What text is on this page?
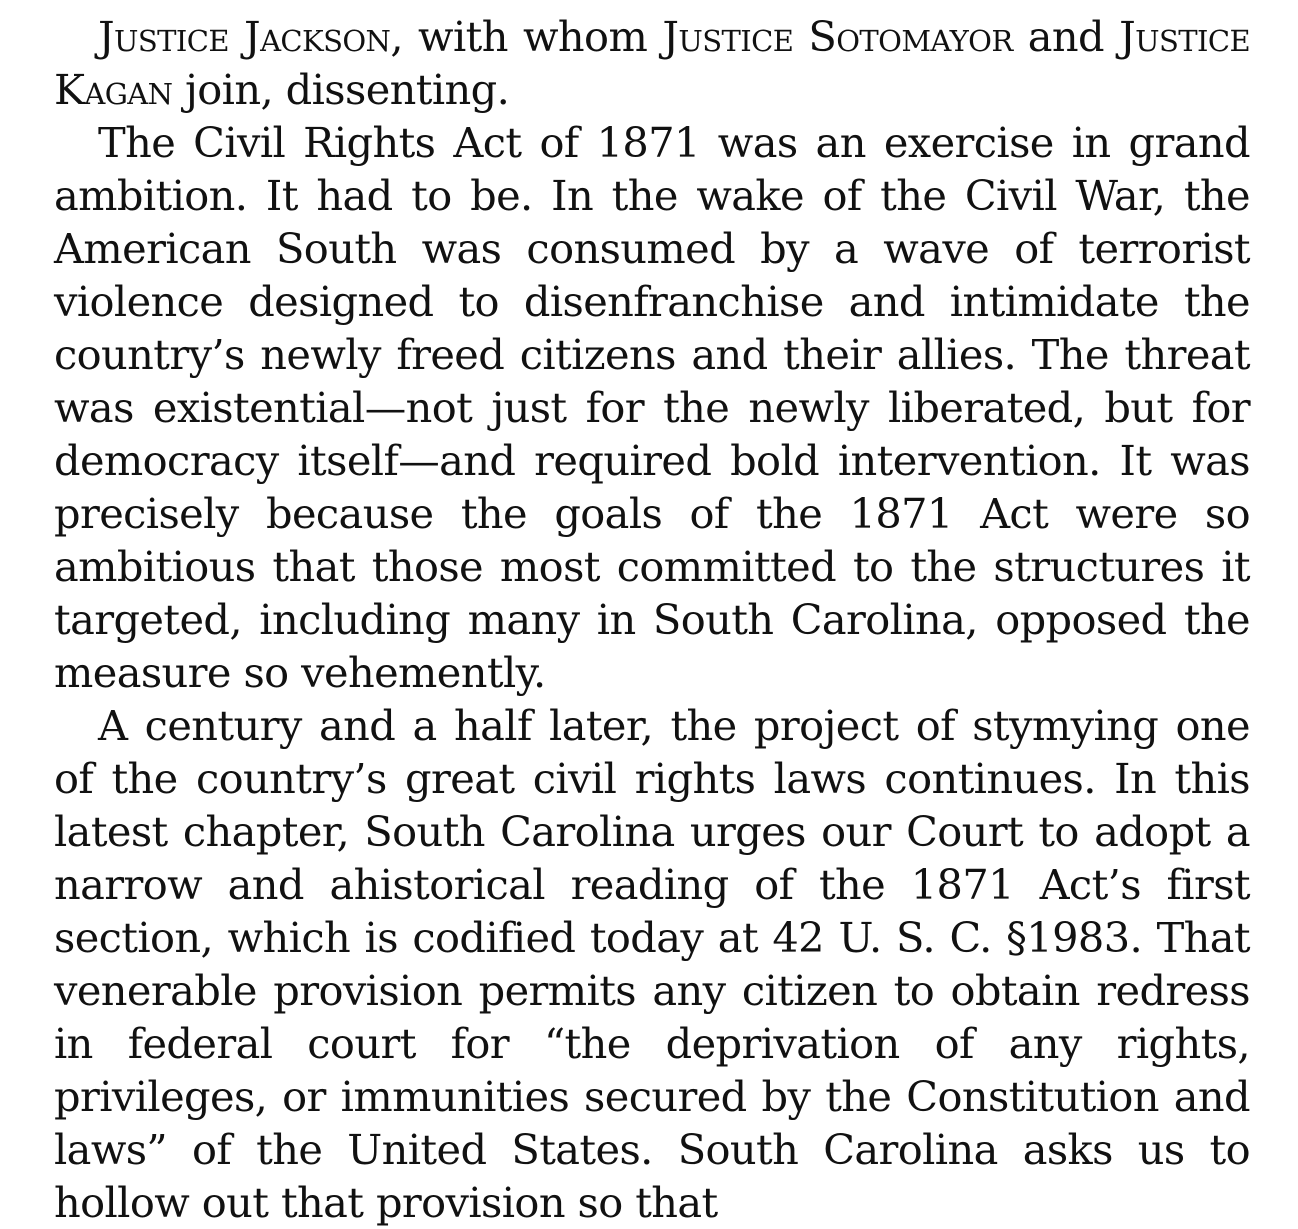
Justice Jackson, with whom Justice Sotomayor and Justice Kagan join, dissenting.

The Civil Rights Act of 1871 was an exercise in grand ambition. It had to be. In the wake of the Civil War, the American South was consumed by a wave of terrorist violence designed to disenfranchise and intimidate the country’s newly freed citizens and their allies. The threat was existential—not just for the newly liberated, but for democracy itself—and required bold intervention. It was precisely because the goals of the 1871 Act were so ambitious that those most committed to the structures it targeted, including many in South Carolina, opposed the measure so vehemently.

A century and a half later, the project of stymying one of the country’s great civil rights laws continues. In this latest chapter, South Carolina urges our Court to adopt a narrow and ahistorical reading of the 1871 Act’s first section, which is codified today at 42 U. S. C. §1983. That venerable provision permits any citizen to obtain redress in federal court for “the deprivation of any rights, privileges, or immunities secured by the Constitution and laws” of the United States. South Carolina asks us to hollow out that provision so that
